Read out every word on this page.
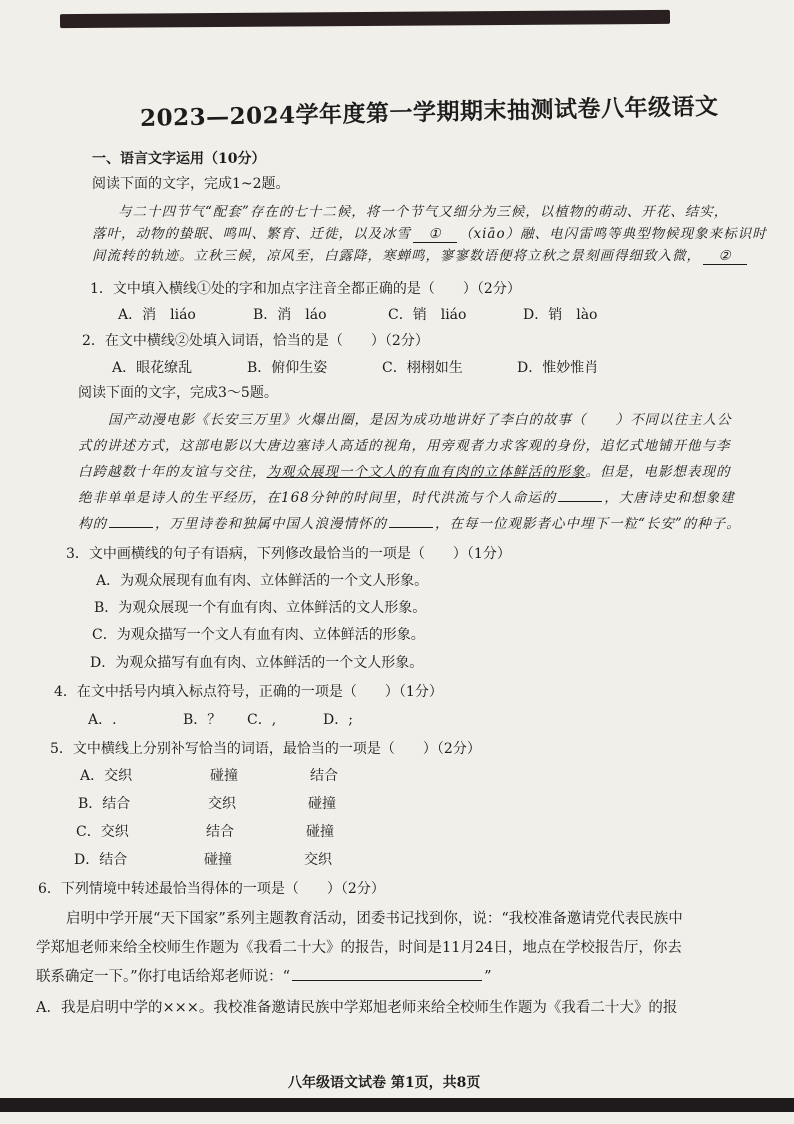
2023—2024学年度第一学期期末抽测试卷八年级语文
一、语言文字运用（10分）
阅读下面的文字，完成1~2题。
与二十四节气“配套”存在的七十二候，将一个节气又细分为三候，以植物的萌动、开花、结实，
落叶，动物的蛰眠、鸣叫、繁育、迁徙，以及冰雪 ① （xiāo）融、电闪雷鸣等典型物候现象来标识时
间流转的轨迹。立秋三候，凉风至，白露降，寒蝉鸣，寥寥数语便将立秋之景刻画得细致入微， ②
1．文中填入横线①处的字和加点字注音全都正确的是（　　）（2分）
A．消　liáo	B．消　láo	C．销　liáo	D．销　lào
2．在文中横线②处填入词语，恰当的是（　　）（2分）
A．眼花缭乱	B．俯仰生姿	C．栩栩如生	D．惟妙惟肖
阅读下面的文字，完成3～5题。
国产动漫电影《长安三万里》火爆出圈，是因为成功地讲好了李白的故事（　　）不同以往主人公
式的讲述方式，这部电影以大唐边塞诗人高适的视角，用旁观者力求客观的身份，追忆式地铺开他与李
白跨越数十年的友谊与交往，为观众展现一个文人的有血有肉的立体鲜活的形象。但是，电影想表现的
绝非单单是诗人的生平经历，在168分钟的时间里，时代洪流与个人命运的	，大唐诗史和想象建
构的	，万里诗卷和独属中国人浪漫情怀的	，在每一位观影者心中埋下一粒“长安”的种子。
3．文中画横线的句子有语病，下列修改最恰当的一项是（　　）（1分）
A．为观众展现有血有肉、立体鲜活的一个文人形象。
B．为观众展现一个有血有肉、立体鲜活的文人形象。
C．为观众描写一个文人有血有肉、立体鲜活的形象。
D．为观众描写有血有肉、立体鲜活的一个文人形象。
4．在文中括号内填入标点符号，正确的一项是（　　）（1分）
A．.	B．？ C．,	D．;
5．文中横线上分别补写恰当的词语，最恰当的一项是（　　）（2分）
A．交织	碰撞	结合
B．结合	交织	碰撞
C．交织	结合	碰撞
D．结合	碰撞	交织
6．下列情境中转述最恰当得体的一项是（　　）（2分）
启明中学开展“天下国家”系列主题教育活动，团委书记找到你，说：“我校准备邀请党代表民族中
学郑旭老师来给全校师生作题为《我看二十大》的报告，时间是11月24日，地点在学校报告厅，你去
联系确定一下。”你打电话给郑老师说：“	”
A．我是启明中学的×××。我校准备邀请民族中学郑旭老师来给全校师生作题为《我看二十大》的报
八年级语文试卷 第1页，共8页
